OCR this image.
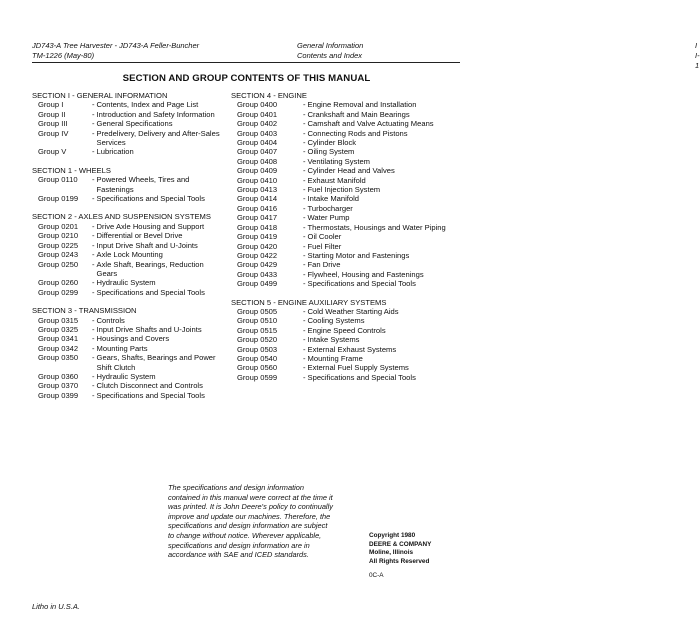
JD743-A Tree Harvester - JD743-A Feller-Buncher
TM-1226 (May-80)
General Information	I
Contents and Index	I-1
SECTION AND GROUP CONTENTS OF THIS MANUAL
SECTION I - GENERAL INFORMATION
Group I	- Contents, Index and Page List
Group II	- Introduction and Safety Information
Group III	- General Specifications
Group IV	- Predelivery, Delivery and After-Sales Services
Group V	- Lubrication
SECTION 1 - WHEELS
Group 0110	- Powered Wheels, Tires and Fastenings
Group 0199	- Specifications and Special Tools
SECTION 2 - AXLES AND SUSPENSION SYSTEMS
Group 0201	- Drive Axle Housing and Support
Group 0210	- Differential or Bevel Drive
Group 0225	- Input Drive Shaft and U-Joints
Group 0243	- Axle Lock Mounting
Group 0250	- Axle Shaft, Bearings, Reduction Gears
Group 0260	- Hydraulic System
Group 0299	- Specifications and Special Tools
SECTION 3 - TRANSMISSION
Group 0315	- Controls
Group 0325	- Input Drive Shafts and U-Joints
Group 0341	- Housings and Covers
Group 0342	- Mounting Parts
Group 0350	- Gears, Shafts, Bearings and Power Shift Clutch
Group 0360	- Hydraulic System
Group 0370	- Clutch Disconnect and Controls
Group 0399	- Specifications and Special Tools
SECTION 4 - ENGINE
Group 0400	- Engine Removal and Installation
Group 0401	- Crankshaft and Main Bearings
Group 0402	- Camshaft and Valve Actuating Means
Group 0403	- Connecting Rods and Pistons
Group 0404	- Cylinder Block
Group 0407	- Oiling System
Group 0408	- Ventilating System
Group 0409	- Cylinder Head and Valves
Group 0410	- Exhaust Manifold
Group 0413	- Fuel Injection System
Group 0414	- Intake Manifold
Group 0416	- Turbocharger
Group 0417	- Water Pump
Group 0418	- Thermostats, Housings and Water Piping
Group 0419	- Oil Cooler
Group 0420	- Fuel Filter
Group 0422	- Starting Motor and Fastenings
Group 0429	- Fan Drive
Group 0433	- Flywheel, Housing and Fastenings
Group 0499	- Specifications and Special Tools
SECTION 5 - ENGINE AUXILIARY SYSTEMS
Group 0505	- Cold Weather Starting Aids
Group 0510	- Cooling Systems
Group 0515	- Engine Speed Controls
Group 0520	- Intake Systems
Group 0503	- External Exhaust Systems
Group 0540	- Mounting Frame
Group 0560	- External Fuel Supply Systems
Group 0599	- Specifications and Special Tools
The specifications and design information contained in this manual were correct at the time it was printed. It is John Deere's policy to continually improve and update our machines. Therefore, the specifications and design information are subject to change without notice. Wherever applicable, specifications and design information are in accordance with SAE and ICED standards.
Copyright 1980
DEERE & COMPANY
Moline, Illinois
All Rights Reserved
0C-A
Litho in U.S.A.
